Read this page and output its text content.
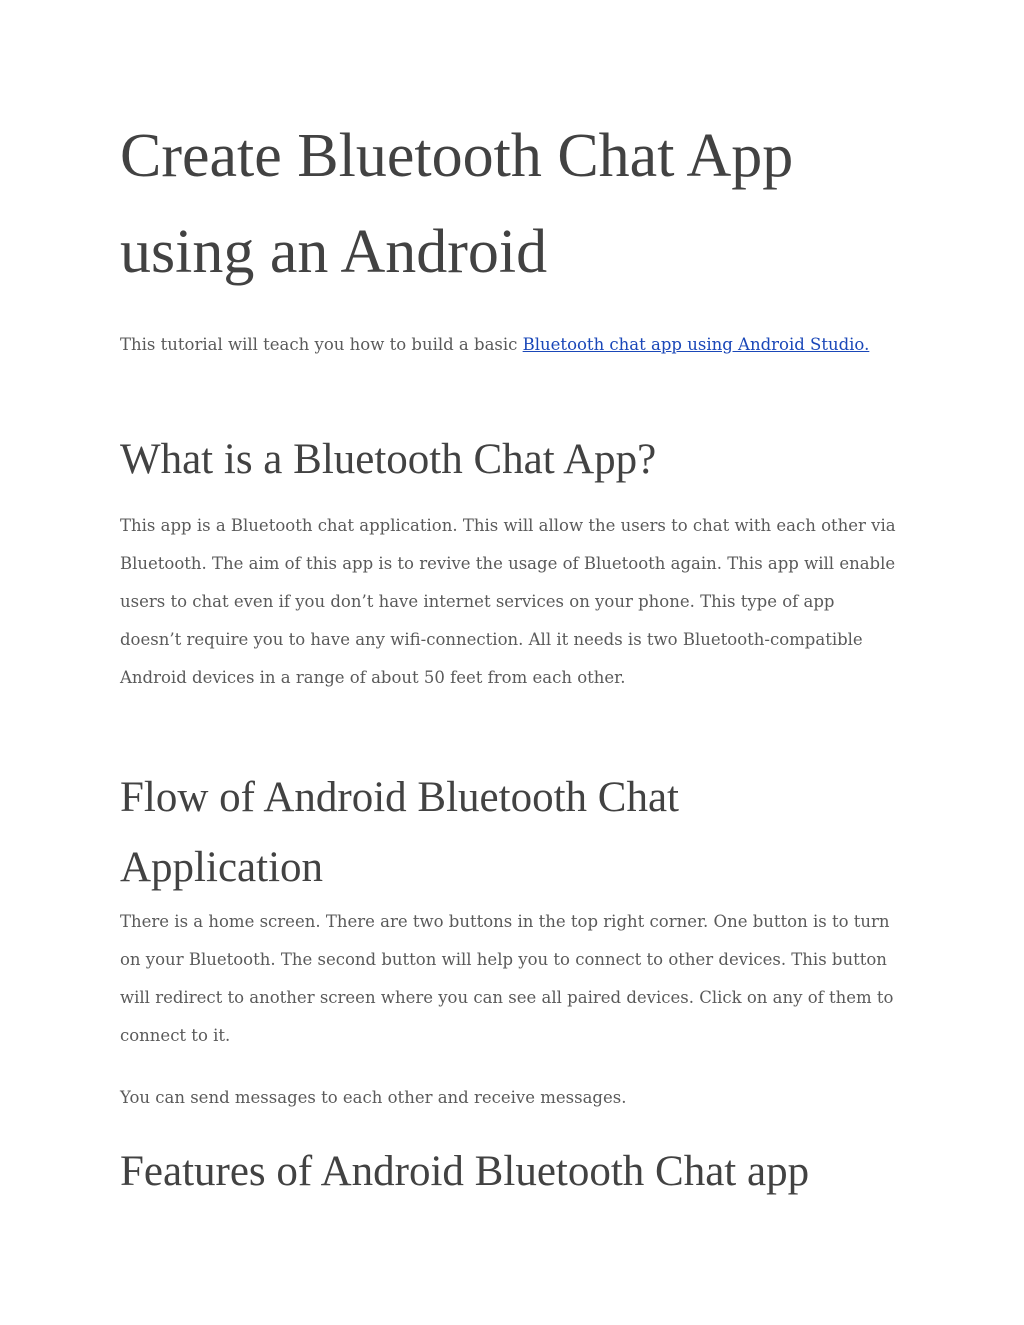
Create Bluetooth Chat App using an Android

This tutorial will teach you how to build a basic Bluetooth chat app using Android Studio.

What is a Bluetooth Chat App?

This app is a Bluetooth chat application. This will allow the users to chat with each other via Bluetooth. The aim of this app is to revive the usage of Bluetooth again. This app will enable users to chat even if you don’t have internet services on your phone. This type of app doesn’t require you to have any wifi-connection. All it needs is two Bluetooth-compatible Android devices in a range of about 50 feet from each other.

Flow of Android Bluetooth Chat Application

There is a home screen. There are two buttons in the top right corner. One button is to turn on your Bluetooth. The second button will help you to connect to other devices. This button will redirect to another screen where you can see all paired devices. Click on any of them to connect to it.

You can send messages to each other and receive messages.

Features of Android Bluetooth Chat app
